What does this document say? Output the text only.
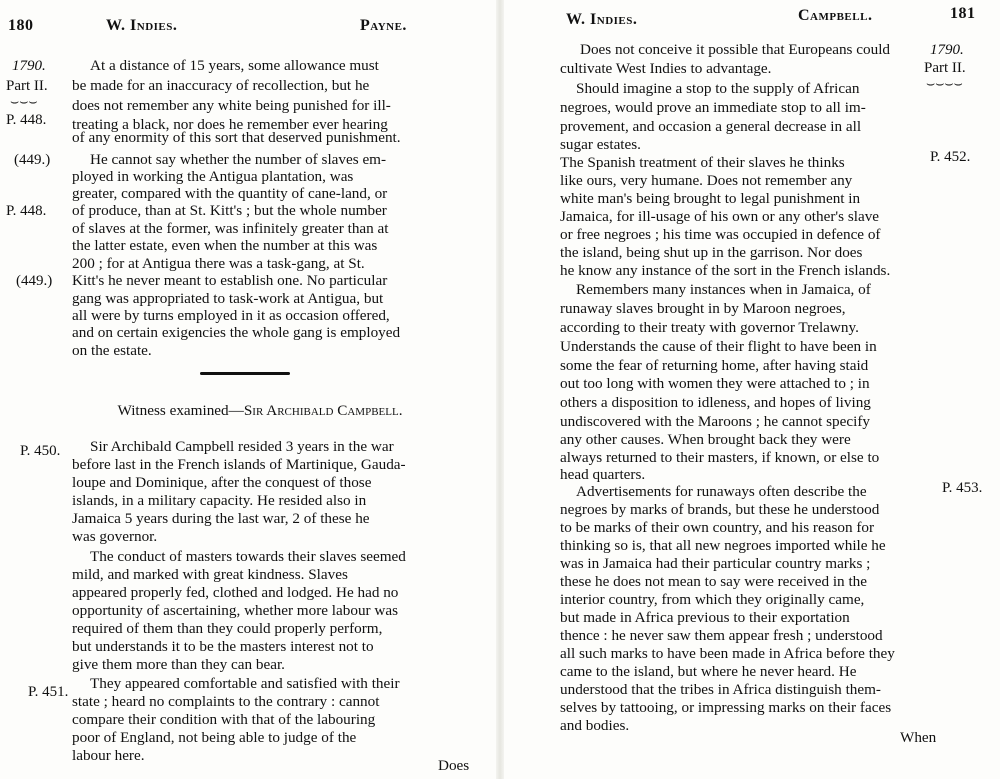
180	W. Indies.	Payne.
1790.
Part II.
⌣⌣⌣
P. 448.
(449.)
P. 448.
(449.)
P. 450.
P. 451.
At a distance of 15 years, some allowance must
be made for an inaccuracy of recollection, but he
does not remember any white being punished for ill-
treating a black, nor does he remember ever hearing
of any enormity of this sort that deserved punishment.
He cannot say whether the number of slaves em-
ployed in working the Antigua plantation, was
greater, compared with the quantity of cane-land, or
of produce, than at St. Kitt's ; but the whole number
of slaves at the former, was infinitely greater than at
the latter estate, even when the number at this was
200 ; for at Antigua there was a task-gang, at St.
Kitt's he never meant to establish one. No particular
gang was appropriated to task-work at Antigua, but
all were by turns employed in it as occasion offered,
and on certain exigencies the whole gang is employed
on the estate.
Witness examined—Sir Archibald Campbell.
Sir Archibald Campbell resided 3 years in the war
before last in the French islands of Martinique, Gauda-
loupe and Dominique, after the conquest of those
islands, in a military capacity. He resided also in
Jamaica 5 years during the last war, 2 of these he
was governor.
The conduct of masters towards their slaves seemed
mild, and marked with great kindness. Slaves
appeared properly fed, clothed and lodged. He had no
opportunity of ascertaining, whether more labour was
required of them than they could properly perform,
but understands it to be the masters interest not to
give them more than they can bear.
They appeared comfortable and satisfied with their
state ; heard no complaints to the contrary : cannot
compare their condition with that of the labouring
poor of England, not being able to judge of the
labour here.
Does
W. Indies.	Campbell.	181
1790.
Part II.
⌣⌣⌣⌣
P. 452.
P. 453.
Does not conceive it possible that Europeans could
cultivate West Indies to advantage.
Should imagine a stop to the supply of African
negroes, would prove an immediate stop to all im-
provement, and occasion a general decrease in all
sugar estates.
The Spanish treatment of their slaves he thinks
like ours, very humane. Does not remember any
white man's being brought to legal punishment in
Jamaica, for ill-usage of his own or any other's slave
or free negroes ; his time was occupied in defence of
the island, being shut up in the garrison. Nor does
he know any instance of the sort in the French islands.
Remembers many instances when in Jamaica, of
runaway slaves brought in by Maroon negroes,
according to their treaty with governor Trelawny.
Understands the cause of their flight to have been in
some the fear of returning home, after having staid
out too long with women they were attached to ; in
others a disposition to idleness, and hopes of living
undiscovered with the Maroons ; he cannot specify
any other causes. When brought back they were
always returned to their masters, if known, or else to
head quarters.
Advertisements for runaways often describe the
negroes by marks of brands, but these he understood
to be marks of their own country, and his reason for
thinking so is, that all new negroes imported while he
was in Jamaica had their particular country marks ;
these he does not mean to say were received in the
interior country, from which they originally came,
but made in Africa previous to their exportation
thence : he never saw them appear fresh ; understood
all such marks to have been made in Africa before they
came to the island, but where he never heard. He
understood that the tribes in Africa distinguish them-
selves by tattooing, or impressing marks on their faces
and bodies.
When
